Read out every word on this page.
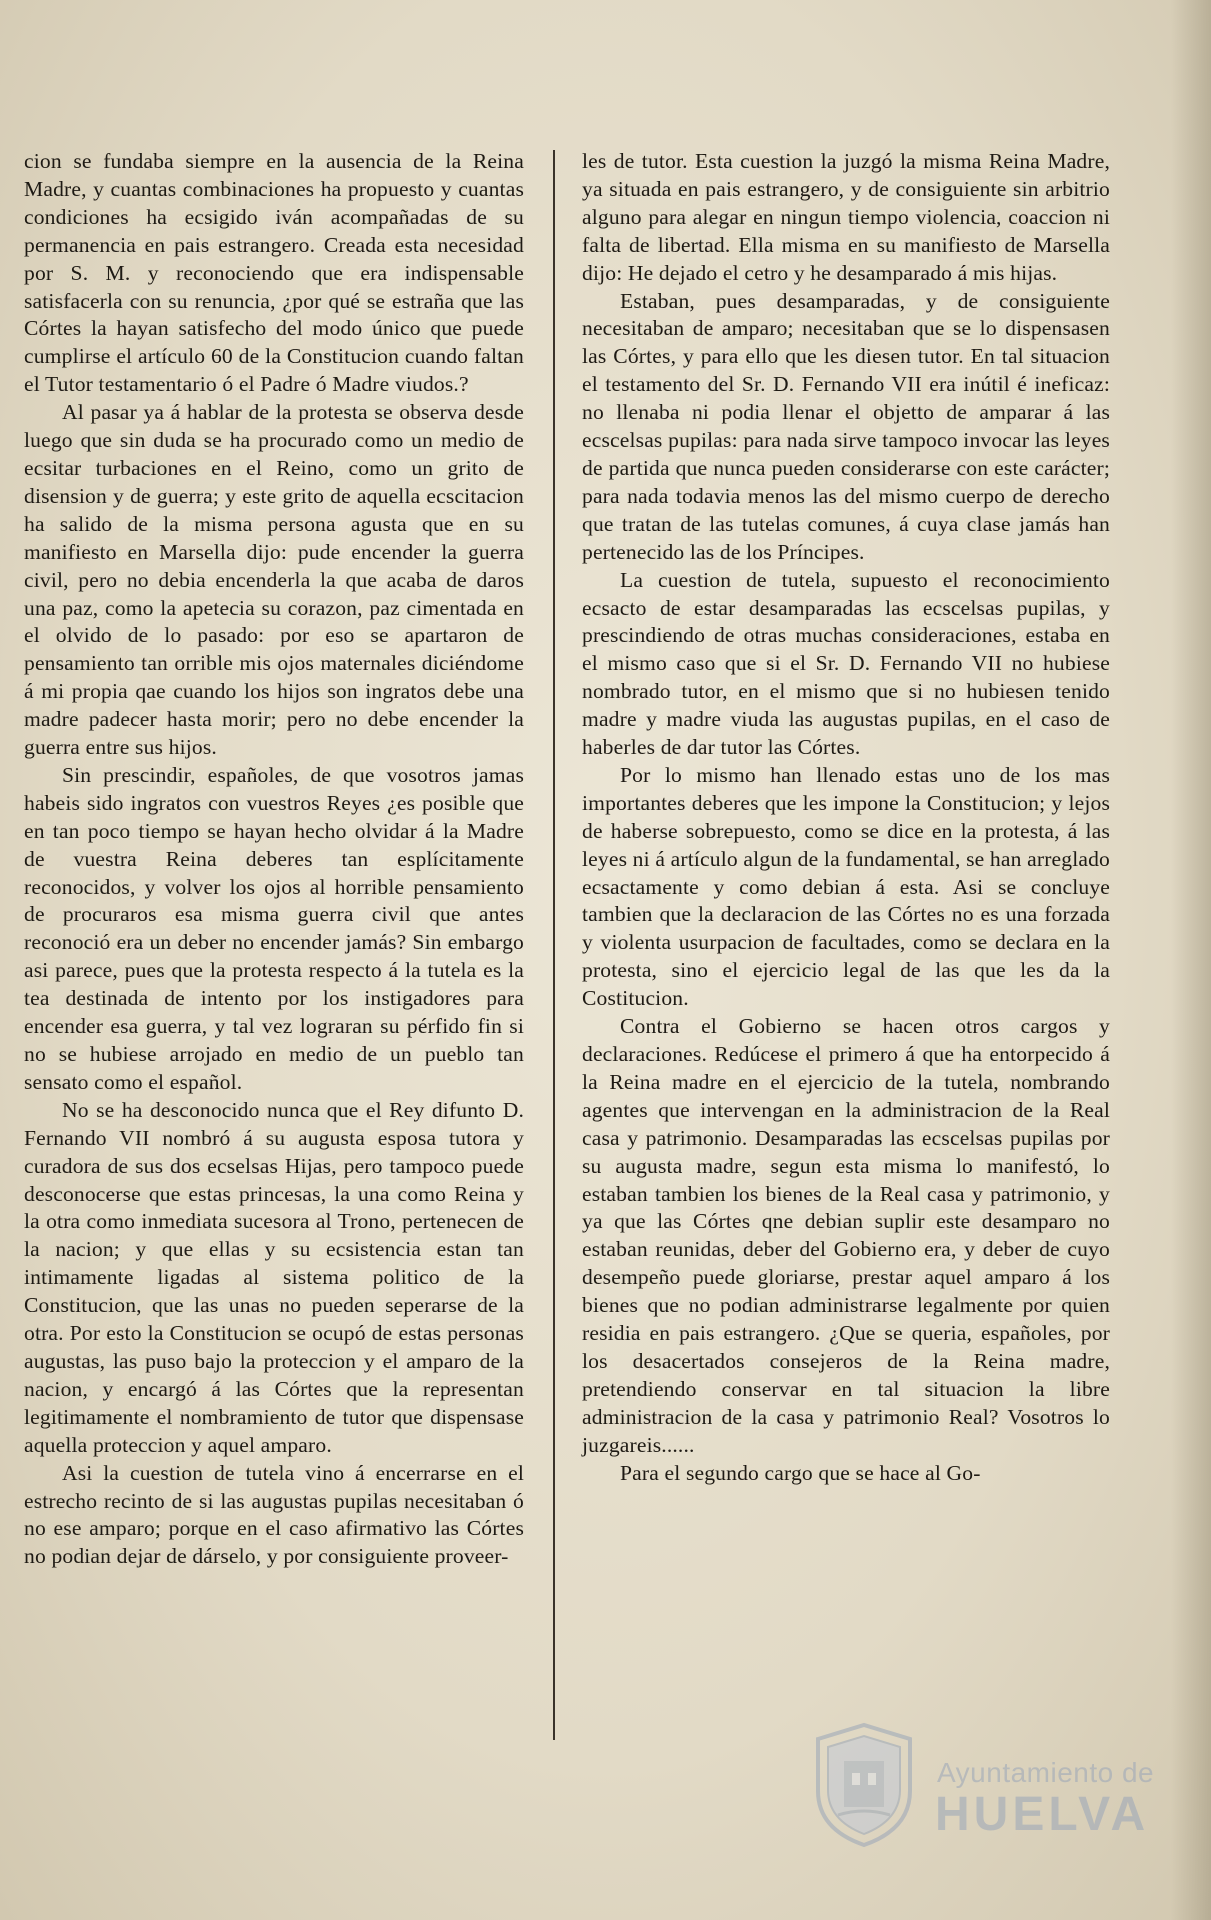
cion se fundaba siempre en la ausencia de la Reina Madre, y cuantas combinaciones ha propuesto y cuantas condiciones ha ecsigido iván acompañadas de su permanencia en pais estrangero. Creada esta necesidad por S. M. y reconociendo que era indispensable satisfacerla con su renuncia, ¿por qué se estraña que las Córtes la hayan satisfecho del modo único que puede cumplirse el artículo 60 de la Constitucion cuando faltan el Tutor testamentario ó el Padre ó Madre viudos.?

Al pasar ya á hablar de la protesta se observa desde luego que sin duda se ha procurado como un medio de ecsitar turbaciones en el Reino, como un grito de disension y de guerra; y este grito de aquella ecscitacion ha salido de la misma persona agusta que en su manifiesto en Marsella dijo: pude encender la guerra civil, pero no debia encenderla la que acaba de daros una paz, como la apetecia su corazon, paz cimentada en el olvido de lo pasado: por eso se apartaron de pensamiento tan orrible mis ojos maternales diciéndome á mi propia qae cuando los hijos son ingratos debe una madre padecer hasta morir; pero no debe encender la guerra entre sus hijos.

Sin prescindir, españoles, de que vosotros jamas habeis sido ingratos con vuestros Reyes ¿es posible que en tan poco tiempo se hayan hecho olvidar á la Madre de vuestra Reina deberes tan esplícitamente reconocidos, y volver los ojos al horrible pensamiento de procuraros esa misma guerra civil que antes reconoció era un deber no encender jamás? Sin embargo asi parece, pues que la protesta respecto á la tutela es la tea destinada de intento por los instigadores para encender esa guerra, y tal vez lograran su pérfido fin si no se hubiese arrojado en medio de un pueblo tan sensato como el español.

No se ha desconocido nunca que el Rey difunto D. Fernando VII nombró á su augusta esposa tutora y curadora de sus dos ecselsas Hijas, pero tampoco puede desconocerse que estas princesas, la una como Reina y la otra como inmediata sucesora al Trono, pertenecen de la nacion; y que ellas y su ecsistencia estan tan intimamente ligadas al sistema politico de la Constitucion, que las unas no pueden seperarse de la otra. Por esto la Constitucion se ocupó de estas personas augustas, las puso bajo la proteccion y el amparo de la nacion, y encargó á las Córtes que la representan legitimamente el nombramiento de tutor que dispensase aquella proteccion y aquel amparo.

Asi la cuestion de tutela vino á encerrarse en el estrecho recinto de si las augustas pupilas necesitaban ó no ese amparo; porque en el caso afirmativo las Córtes no podian dejar de dárselo, y por consiguiente proveer-

les de tutor. Esta cuestion la juzgó la misma Reina Madre, ya situada en pais estrangero, y de consiguiente sin arbitrio alguno para alegar en ningun tiempo violencia, coaccion ni falta de libertad. Ella misma en su manifiesto de Marsella dijo: He dejado el cetro y he desamparado á mis hijas.

Estaban, pues desamparadas, y de consiguiente necesitaban de amparo; necesitaban que se lo dispensasen las Córtes, y para ello que les diesen tutor. En tal situacion el testamento del Sr. D. Fernando VII era inútil é ineficaz: no llenaba ni podia llenar el objetto de amparar á las ecscelsas pupilas: para nada sirve tampoco invocar las leyes de partida que nunca pueden considerarse con este carácter; para nada todavia menos las del mismo cuerpo de derecho que tratan de las tutelas comunes, á cuya clase jamás han pertenecido las de los Príncipes.

La cuestion de tutela, supuesto el reconocimiento ecsacto de estar desamparadas las ecscelsas pupilas, y prescindiendo de otras muchas consideraciones, estaba en el mismo caso que si el Sr. D. Fernando VII no hubiese nombrado tutor, en el mismo que si no hubiesen tenido madre y madre viuda las augustas pupilas, en el caso de haberles de dar tutor las Córtes.

Por lo mismo han llenado estas uno de los mas importantes deberes que les impone la Constitucion; y lejos de haberse sobrepuesto, como se dice en la protesta, á las leyes ni á artículo algun de la fundamental, se han arreglado ecsactamente y como debian á esta. Asi se concluye tambien que la declaracion de las Córtes no es una forzada y violenta usurpacion de facultades, como se declara en la protesta, sino el ejercicio legal de las que les da la Costitucion.

Contra el Gobierno se hacen otros cargos y declaraciones. Redúcese el primero á que ha entorpecido á la Reina madre en el ejercicio de la tutela, nombrando agentes que intervengan en la administracion de la Real casa y patrimonio. Desamparadas las ecscelsas pupilas por su augusta madre, segun esta misma lo manifestó, lo estaban tambien los bienes de la Real casa y patrimonio, y ya que las Córtes qne debian suplir este desamparo no estaban reunidas, deber del Gobierno era, y deber de cuyo desempeño puede gloriarse, prestar aquel amparo á los bienes que no podian administrarse legalmente por quien residia en pais estrangero. ¿Que se queria, españoles, por los desacertados consejeros de la Reina madre, pretendiendo conservar en tal situacion la libre administracion de la casa y patrimonio Real? Vosotros lo juzgareis......

Para el segundo cargo que se hace al Go-

Ayuntamiento de
HUELVA
